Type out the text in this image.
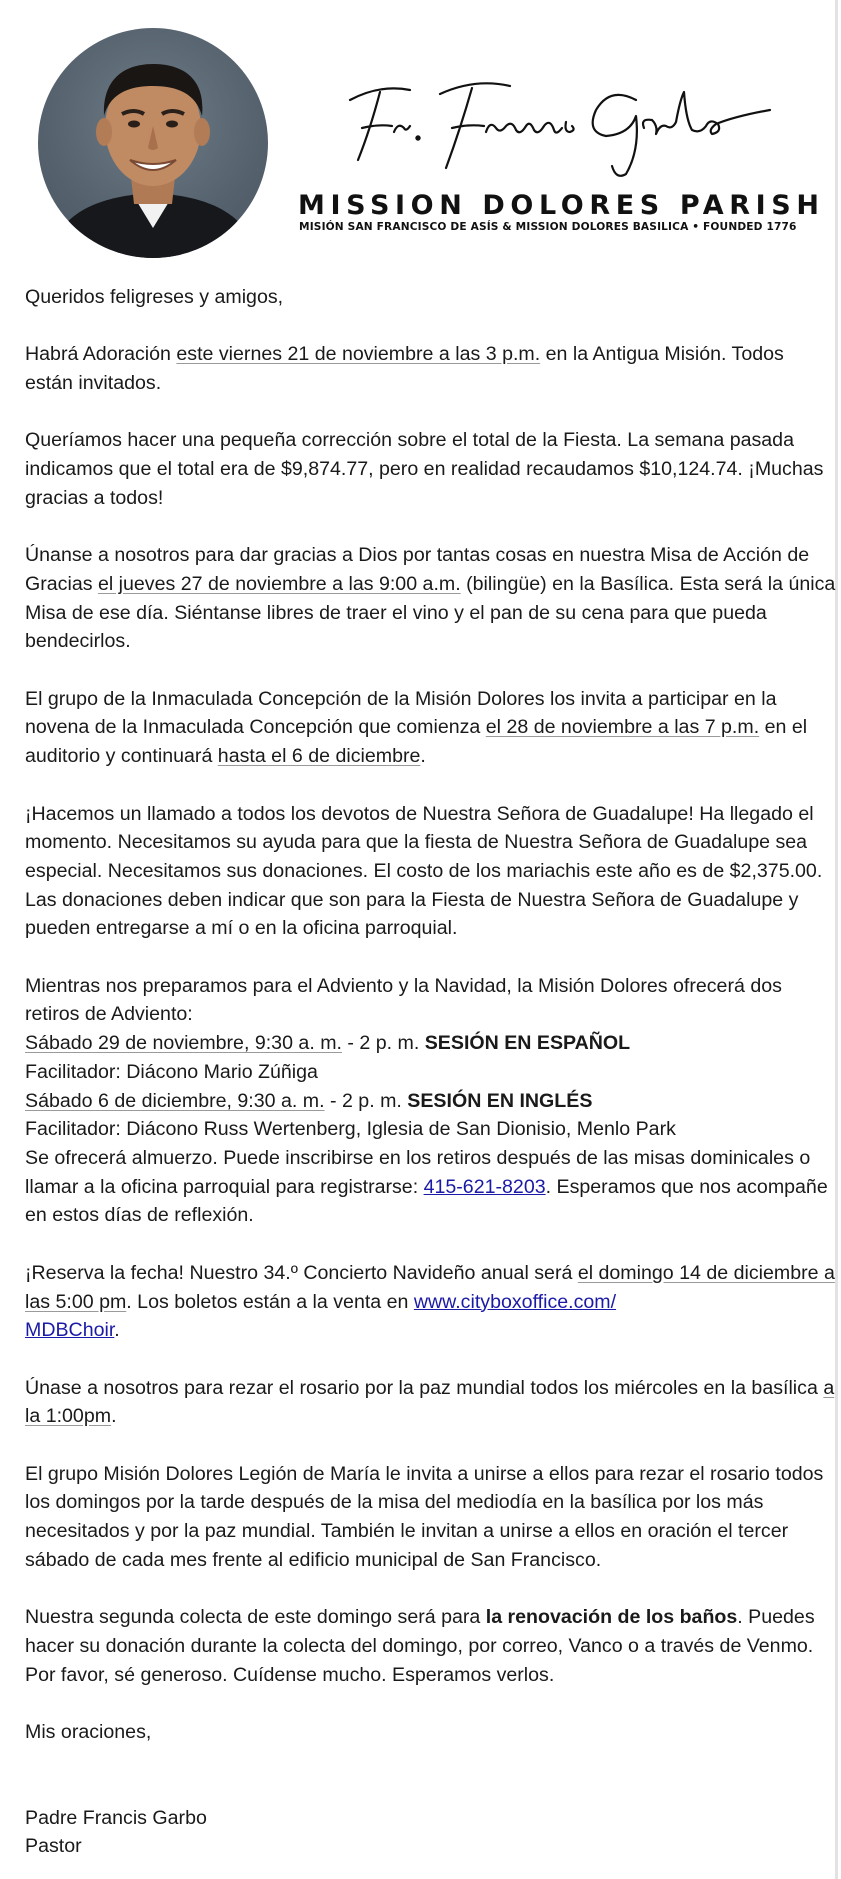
MISSION DOLORES PARISH
MISIÓN SAN FRANCISCO DE ASÍS & MISSION DOLORES BASILICA • FOUNDED 1776

Queridos feligreses y amigos,

Habrá Adoración este viernes 21 de noviembre a las 3 p.m. en la Antigua Misión. Todos están invitados.

Queríamos hacer una pequeña corrección sobre el total de la Fiesta. La semana pasada indicamos que el total era de $9,874.77, pero en realidad recaudamos $10,124.74. ¡Muchas gracias a todos!

Únanse a nosotros para dar gracias a Dios por tantas cosas en nuestra Misa de Acción de Gracias el jueves 27 de noviembre a las 9:00 a.m. (bilingüe) en la Basílica. Esta será la única Misa de ese día. Siéntanse libres de traer el vino y el pan de su cena para que pueda bendecirlos.

El grupo de la Inmaculada Concepción de la Misión Dolores los invita a participar en la novena de la Inmaculada Concepción que comienza el 28 de noviembre a las 7 p.m. en el auditorio y continuará hasta el 6 de diciembre.

¡Hacemos un llamado a todos los devotos de Nuestra Señora de Guadalupe! Ha llegado el momento. Necesitamos su ayuda para que la fiesta de Nuestra Señora de Guadalupe sea especial. Necesitamos sus donaciones. El costo de los mariachis este año es de $2,375.00. Las donaciones deben indicar que son para la Fiesta de Nuestra Señora de Guadalupe y pueden entregarse a mí o en la oficina parroquial.

Mientras nos preparamos para el Adviento y la Navidad, la Misión Dolores ofrecerá dos retiros de Adviento:
Sábado 29 de noviembre, 9:30 a. m. - 2 p. m. SESIÓN EN ESPAÑOL
Facilitador: Diácono Mario Zúñiga
Sábado 6 de diciembre, 9:30 a. m. - 2 p. m. SESIÓN EN INGLÉS
Facilitador: Diácono Russ Wertenberg, Iglesia de San Dionisio, Menlo Park
Se ofrecerá almuerzo. Puede inscribirse en los retiros después de las misas dominicales o llamar a la oficina parroquial para registrarse: 415-621-8203. Esperamos que nos acompañe en estos días de reflexión.

¡Reserva la fecha! Nuestro 34.º Concierto Navideño anual será el domingo 14 de diciembre a las 5:00 pm. Los boletos están a la venta en www.cityboxoffice.com/
MDBChoir.

Únase a nosotros para rezar el rosario por la paz mundial todos los miércoles en la basílica a la 1:00pm.

El grupo Misión Dolores Legión de María le invita a unirse a ellos para rezar el rosario todos los domingos por la tarde después de la misa del mediodía en la basílica por los más necesitados y por la paz mundial. También le invitan a unirse a ellos en oración el tercer sábado de cada mes frente al edificio municipal de San Francisco.

Nuestra segunda colecta de este domingo será para la renovación de los baños. Puedes hacer su donación durante la colecta del domingo, por correo, Vanco o a través de Venmo. Por favor, sé generoso. Cuídense mucho. Esperamos verlos.

Mis oraciones,

Padre Francis Garbo

Pastor
